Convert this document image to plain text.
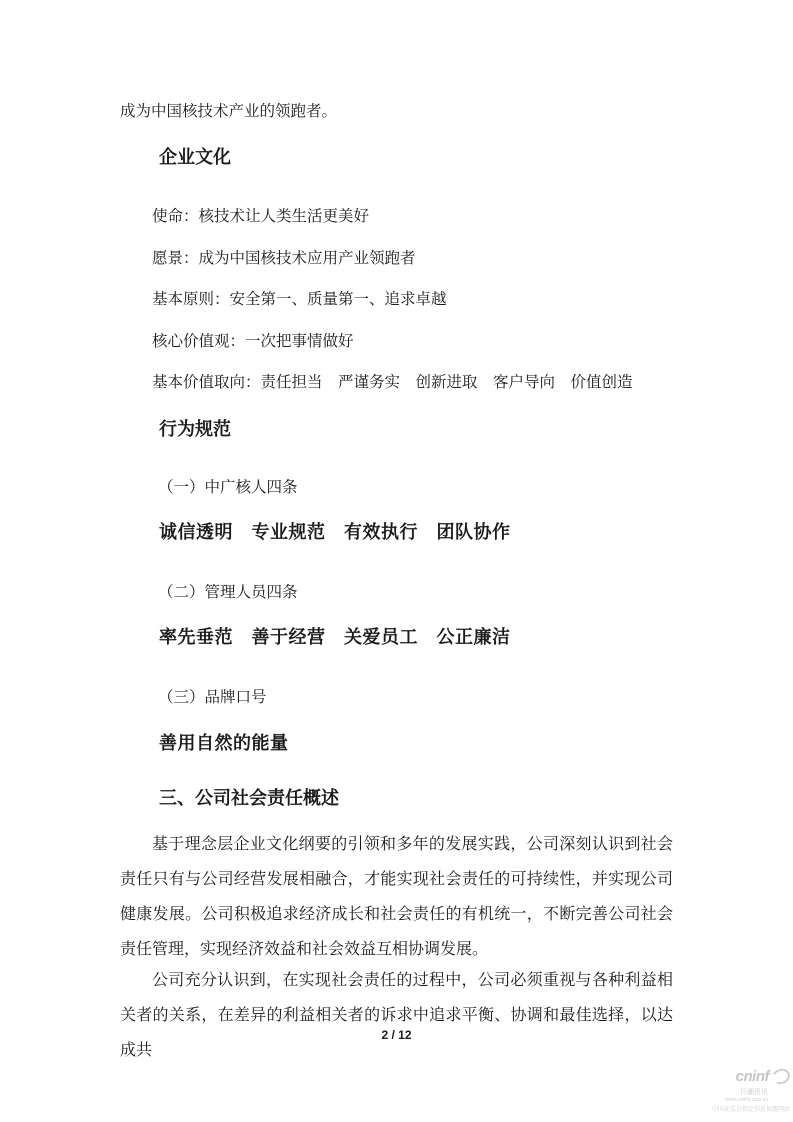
成为中国核技术产业的领跑者。
企业文化
使命：核技术让人类生活更美好
愿景：成为中国核技术应用产业领跑者
基本原则：安全第一、质量第一、追求卓越
核心价值观：一次把事情做好
基本价值取向：责任担当　严谨务实　创新进取　客户导向　价值创造
行为规范
（一）中广核人四条
诚信透明　专业规范　有效执行　团队协作
（二）管理人员四条
率先垂范　善于经营　关爱员工　公正廉洁
（三）品牌口号
善用自然的能量
三、公司社会责任概述
基于理念层企业文化纲要的引领和多年的发展实践，公司深刻认识到社会责任只有与公司经营发展相融合，才能实现社会责任的可持续性，并实现公司健康发展。公司积极追求经济成长和社会责任的有机统一，不断完善公司社会责任管理，实现经济效益和社会效益互相协调发展。
公司充分认识到，在实现社会责任的过程中，公司必须重视与各种利益相关者的关系，在差异的利益相关者的诉求中追求平衡、协调和最佳选择，以达成共
2 / 12
cninf
巨潮资讯
www.cninfo.com.cn
中国证监会指定信息披露网站
